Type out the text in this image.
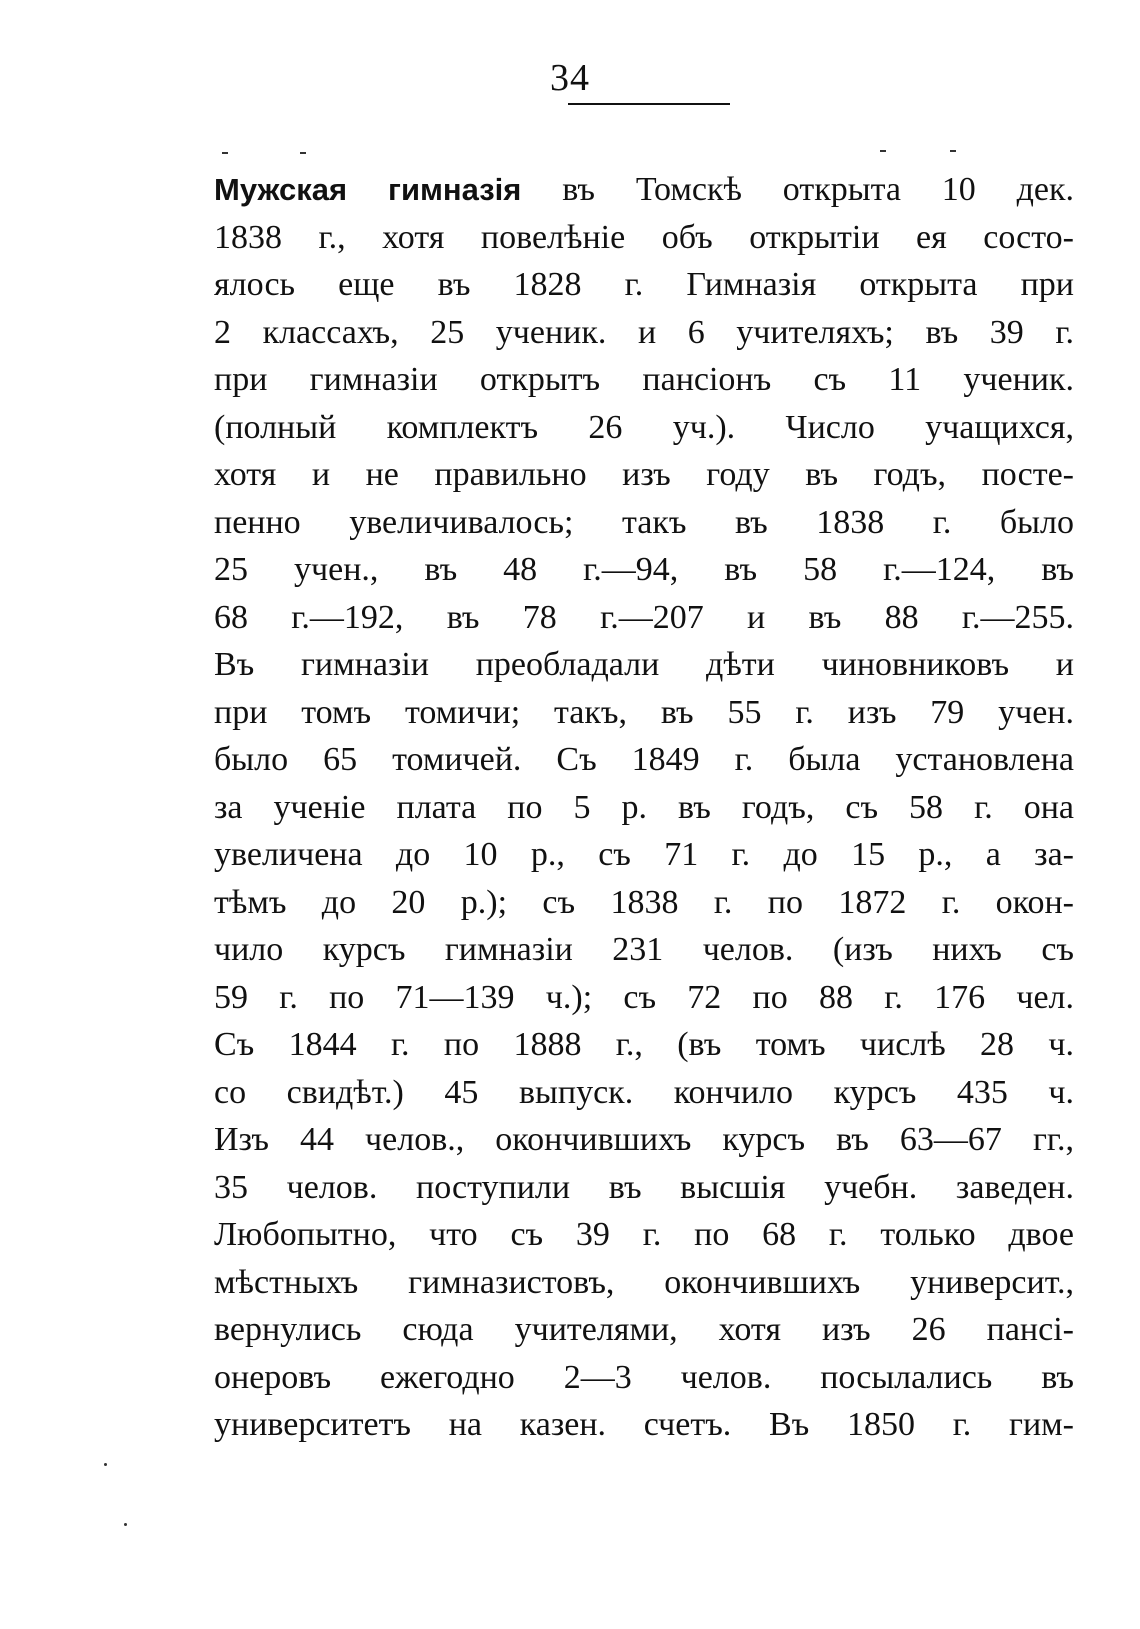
34
Мужская гимназія въ Томскѣ открыта 10 дек.
1838 г., хотя повелѣніе объ открытіи ея состо-
ялось еще въ 1828 г. Гимназія открыта при
2 классахъ, 25 ученик. и 6 учителяхъ; въ 39 г.
при гимназіи открытъ пансіонъ съ 11 ученик.
(полный комплектъ 26 уч.). Число учащихся,
хотя и не правильно изъ году въ годъ, посте-
пенно увеличивалось; такъ въ 1838 г. было
25 учен., въ 48 г.—94, въ 58 г.—124, въ
68 г.—192, въ 78 г.—207 и въ 88 г.—255.
Въ гимназіи преобладали дѣти чиновниковъ и
при томъ томичи; такъ, въ 55 г. изъ 79 учен.
было 65 томичей. Съ 1849 г. была установлена
за ученіе плата по 5 р. въ годъ, съ 58 г. она
увеличена до 10 р., съ 71 г. до 15 р., а за-
тѣмъ до 20 р.); съ 1838 г. по 1872 г. окон-
чило курсъ гимназіи 231 челов. (изъ нихъ съ
59 г. по 71—139 ч.); съ 72 по 88 г. 176 чел.
Съ 1844 г. по 1888 г., (въ томъ числѣ 28 ч.
со свидѣт.) 45 выпуск. кончило курсъ 435 ч.
Изъ 44 челов., окончившихъ курсъ въ 63—67 гг.,
35 челов. поступили въ высшія учебн. заведен.
Любопытно, что съ 39 г. по 68 г. только двое
мѣстныхъ гимназистовъ, окончившихъ университ.,
вернулись сюда учителями, хотя изъ 26 пансі-
онеровъ ежегодно 2—3 челов. посылались въ
университетъ на казен. счетъ. Въ 1850 г. гим-
